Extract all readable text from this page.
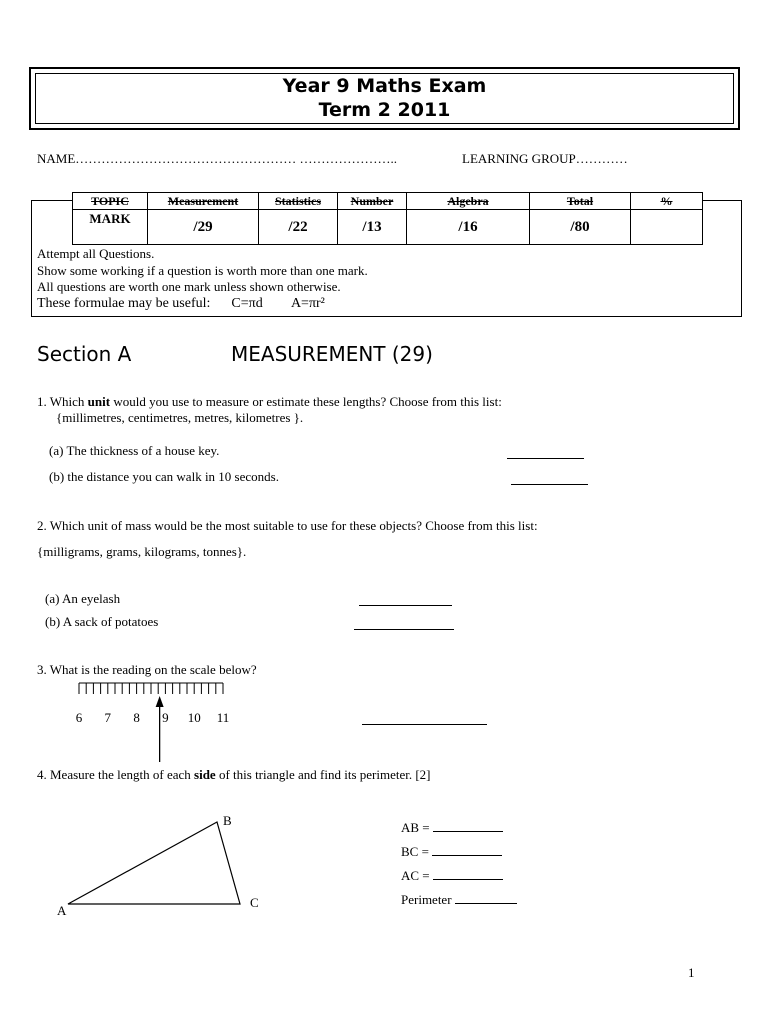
Year 9 Maths Exam
Term 2 2011
NAME…………………………………………… …………………..	LEARNING GROUP…………
TOPIC	Measurement	Statistics	Number	Algebra	Total	%
MARK	/29	/22	/13	/16	/80	
Attempt all Questions.
Show some working if a question is worth more than one mark.
All questions are worth one mark unless shown otherwise.
These formulae may be useful: C=πd A=πr²
Section A	MEASUREMENT (29)
1. Which unit would you use to measure or estimate these lengths? Choose from this list:
{millimetres, centimetres, metres, kilometres }.
(a) The thickness of a house key.
(b) the distance you can walk in 10 seconds.
2. Which unit of mass would be the most suitable to use for these objects? Choose from this list:
{milligrams, grams, kilograms, tonnes}.
(a) An eyelash
(b) A sack of potatoes
3. What is the reading on the scale below?
6 7 8 9 10 11
4. Measure the length of each side of this triangle and find its perimeter. [2]
A
B
C
AB =
BC =
AC =
Perimeter
1
